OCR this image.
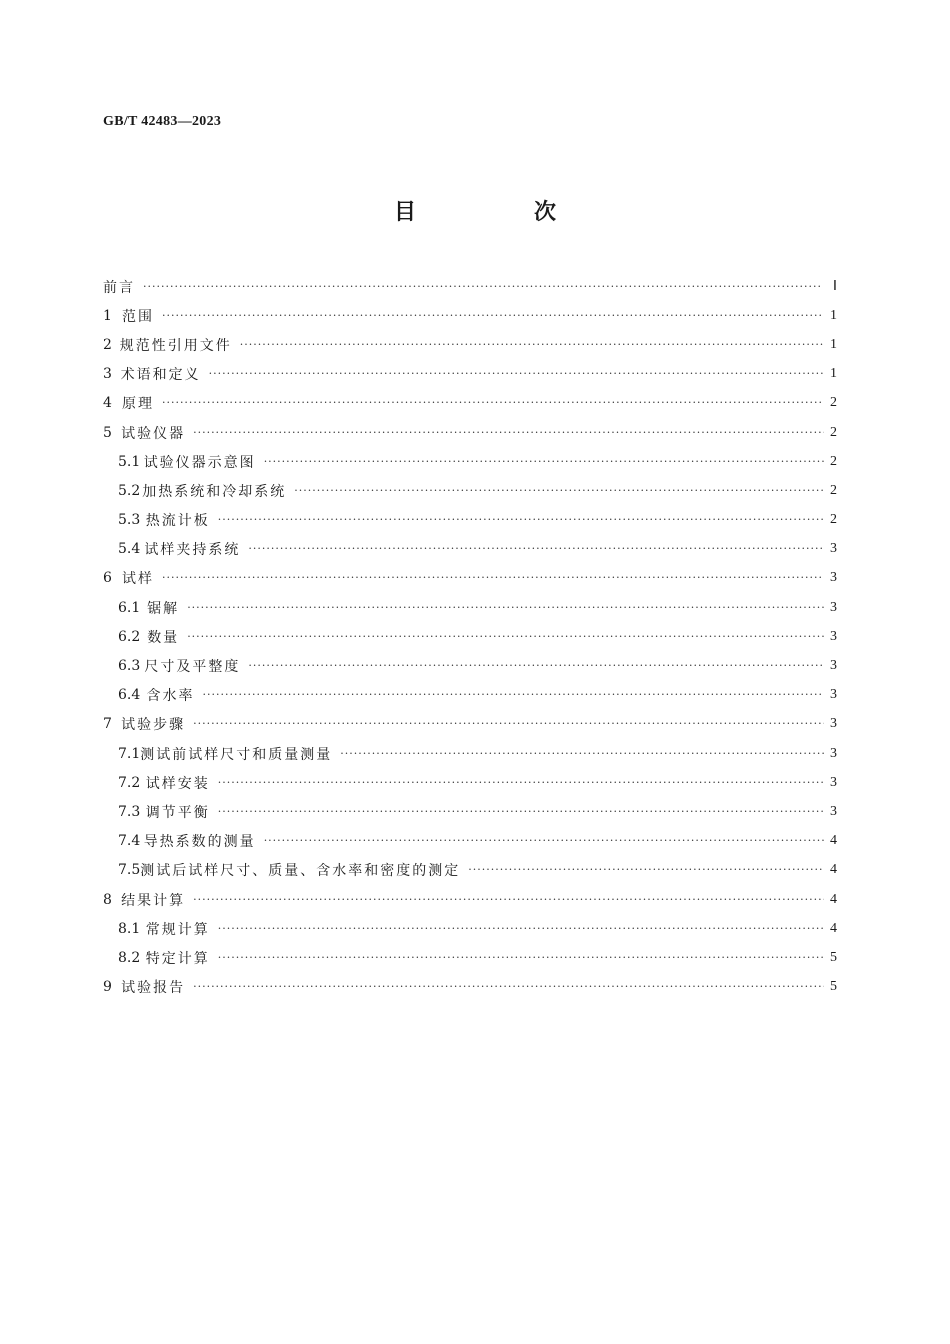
GB/T 42483—2023
目　次
前言 ·····	Ⅰ
1 范围 ·····	1
2 规范性引用文件 ·····	1
3 术语和定义 ·····	1
4 原理 ·····	2
5 试验仪器 ·····	2
5.1 试验仪器示意图 ·····	2
5.2 加热系统和冷却系统 ·····	2
5.3 热流计板 ·····	2
5.4 试样夹持系统 ·····	3
6 试样 ·····	3
6.1 锯解 ·····	3
6.2 数量 ·····	3
6.3 尺寸及平整度 ·····	3
6.4 含水率 ·····	3
7 试验步骤 ·····	3
7.1 测试前试样尺寸和质量测量 ·····	3
7.2 试样安装 ·····	3
7.3 调节平衡 ·····	3
7.4 导热系数的测量 ·····	4
7.5 测试后试样尺寸、质量、含水率和密度的测定 ·····	4
8 结果计算 ·····	4
8.1 常规计算 ·····	4
8.2 特定计算 ·····	5
9 试验报告 ·····	5
